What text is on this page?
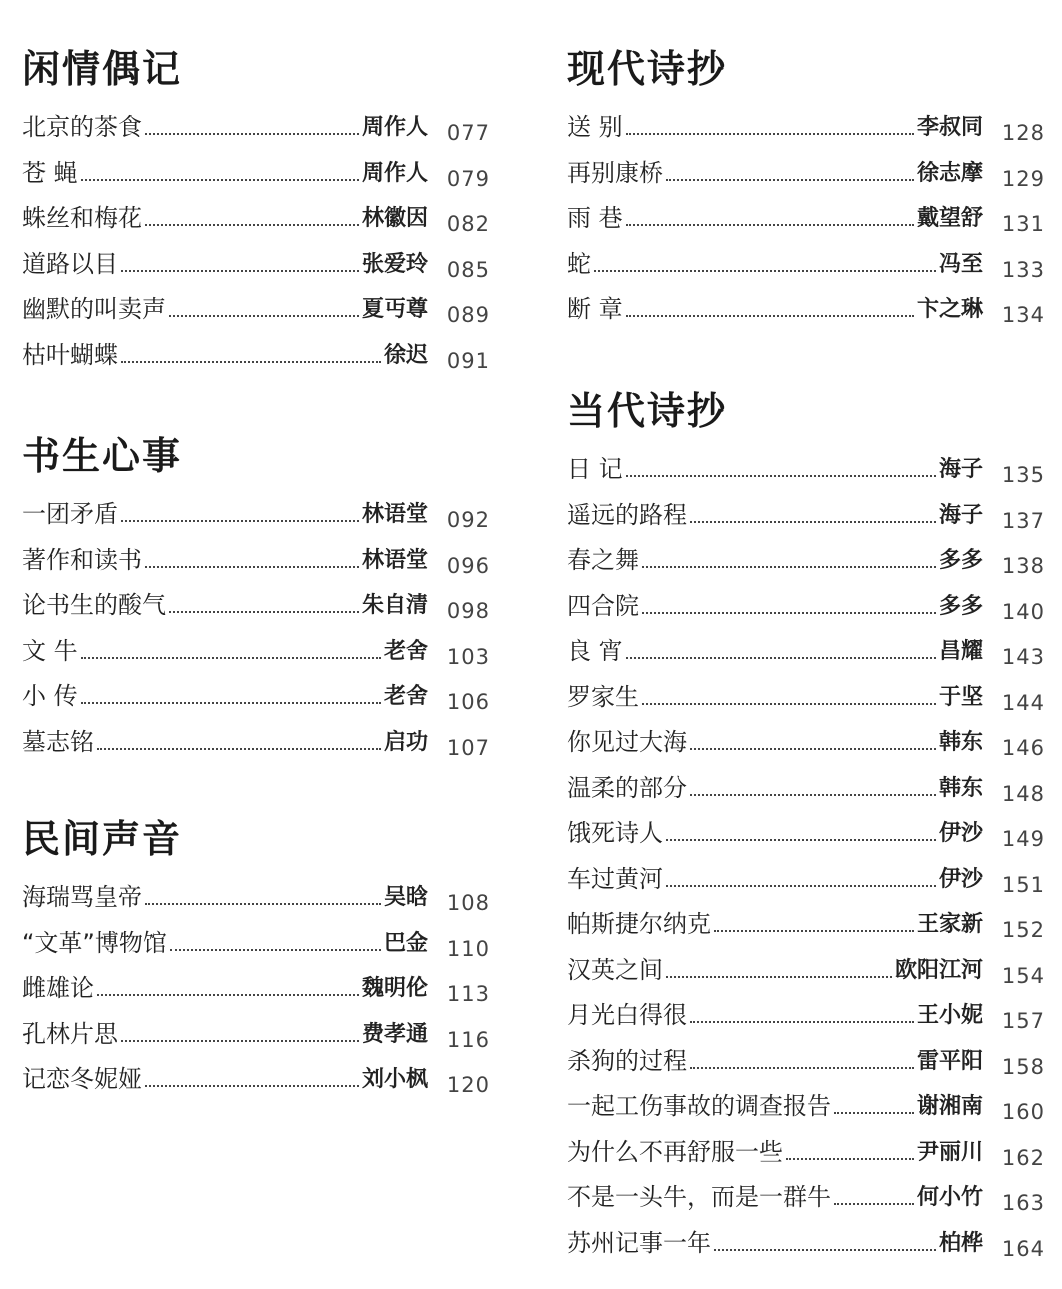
闲情偶记
北京的茶食	周作人 077
苍 蝇	周作人 079
蛛丝和梅花	林徽因 082
道路以目	张爱玲 085
幽默的叫卖声	夏丏尊 089
枯叶蝴蝶	徐迟 091
书生心事
一团矛盾	林语堂 092
著作和读书	林语堂 096
论书生的酸气	朱自清 098
文 牛	老舍 103
小 传	老舍 106
墓志铭	启功 107
民间声音
海瑞骂皇帝	吴晗 108
“文革”博物馆	巴金 110
雌雄论	魏明伦 113
孔林片思	费孝通 116
记恋冬妮娅	刘小枫 120
现代诗抄
送 别	李叔同 128
再别康桥	徐志摩 129
雨 巷	戴望舒 131
蛇	冯至 133
断 章	卞之琳 134
当代诗抄
日 记	海子 135
遥远的路程	海子 137
春之舞	多多 138
四合院	多多 140
良 宵	昌耀 143
罗家生	于坚 144
你见过大海	韩东 146
温柔的部分	韩东 148
饿死诗人	伊沙 149
车过黄河	伊沙 151
帕斯捷尔纳克	王家新 152
汉英之间	欧阳江河 154
月光白得很	王小妮 157
杀狗的过程	雷平阳 158
一起工伤事故的调查报告	谢湘南 160
为什么不再舒服一些	尹丽川 162
不是一头牛，而是一群牛	何小竹 163
苏州记事一年	柏桦 164
